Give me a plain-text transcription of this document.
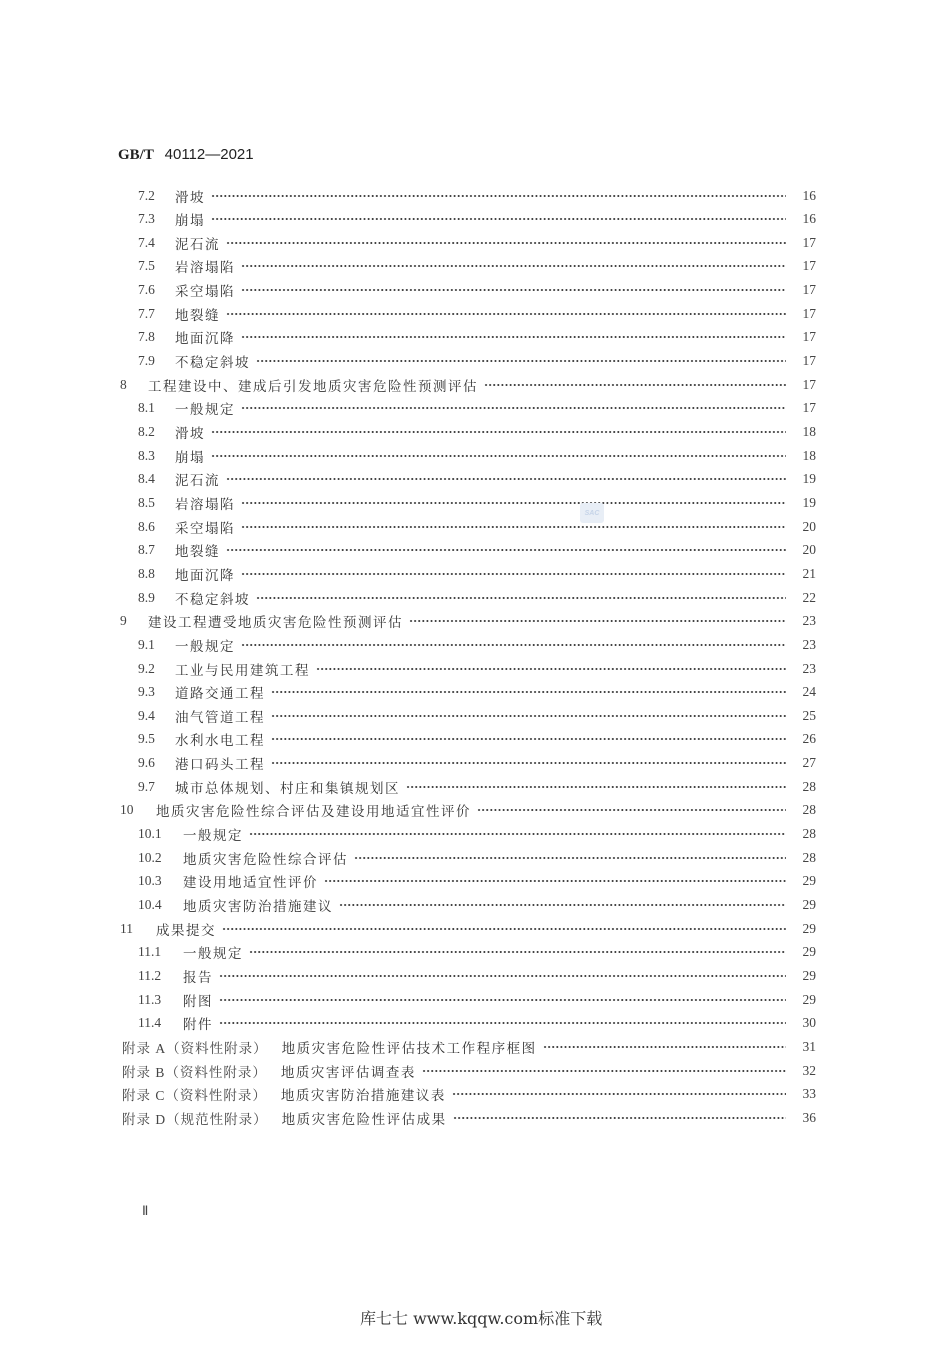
GB/T 40112—2021
7.2	滑坡	16
7.3	崩塌	16
7.4	泥石流	17
7.5	岩溶塌陷	17
7.6	采空塌陷	17
7.7	地裂缝	17
7.8	地面沉降	17
7.9	不稳定斜坡	17
8	工程建设中、建成后引发地质灾害危险性预测评估	17
8.1	一般规定	17
8.2	滑坡	18
8.3	崩塌	18
8.4	泥石流	19
8.5	岩溶塌陷	19
8.6	采空塌陷	20
8.7	地裂缝	20
8.8	地面沉降	21
8.9	不稳定斜坡	22
9	建设工程遭受地质灾害危险性预测评估	23
9.1	一般规定	23
9.2	工业与民用建筑工程	23
9.3	道路交通工程	24
9.4	油气管道工程	25
9.5	水利水电工程	26
9.6	港口码头工程	27
9.7	城市总体规划、村庄和集镇规划区	28
10	地质灾害危险性综合评估及建设用地适宜性评价	28
10.1	一般规定	28
10.2	地质灾害危险性综合评估	28
10.3	建设用地适宜性评价	29
10.4	地质灾害防治措施建议	29
11	成果提交	29
11.1	一般规定	29
11.2	报告	29
11.3	附图	29
11.4	附件	30
附录 A（资料性附录） 地质灾害危险性评估技术工作程序框图	31
附录 B（资料性附录） 地质灾害评估调查表	32
附录 C（资料性附录） 地质灾害防治措施建议表	33
附录 D（规范性附录） 地质灾害危险性评估成果	36
SAC
Ⅱ
库七七 www.kqqw.com标准下载
